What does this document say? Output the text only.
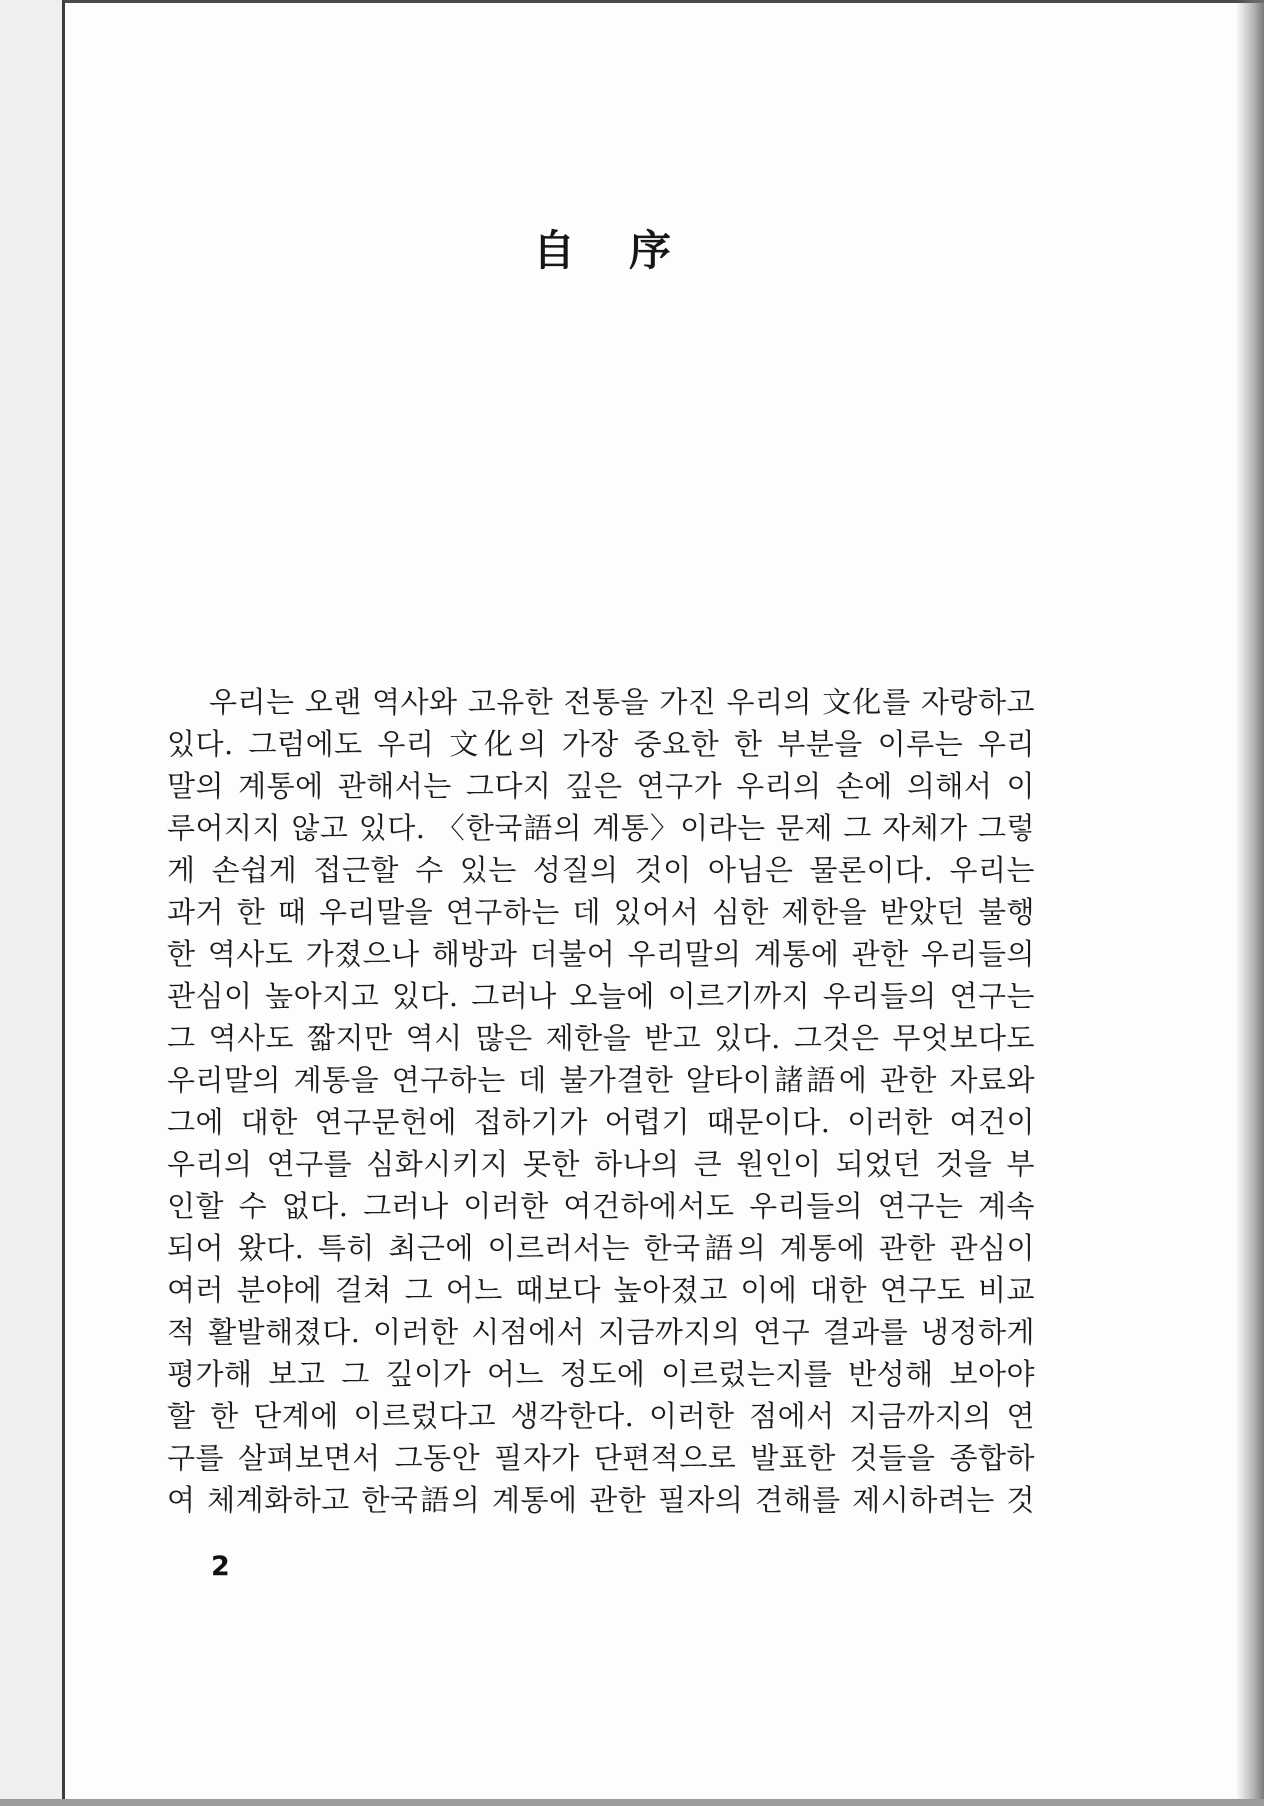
自　序
우리는 오랜 역사와 고유한 전통을 가진 우리의 文化를 자랑하고
있다. 그럼에도 우리 文化의 가장 중요한 한 부분을 이루는 우리
말의 계통에 관해서는 그다지 깊은 연구가 우리의 손에 의해서 이
루어지지 않고 있다. 〈한국語의 계통〉이라는 문제 그 자체가 그렇
게 손쉽게 접근할 수 있는 성질의 것이 아님은 물론이다. 우리는
과거 한 때 우리말을 연구하는 데 있어서 심한 제한을 받았던 불행
한 역사도 가졌으나 해방과 더불어 우리말의 계통에 관한 우리들의
관심이 높아지고 있다. 그러나 오늘에 이르기까지 우리들의 연구는
그 역사도 짧지만 역시 많은 제한을 받고 있다. 그것은 무엇보다도
우리말의 계통을 연구하는 데 불가결한 알타이諸語에 관한 자료와
그에 대한 연구문헌에 접하기가 어렵기 때문이다. 이러한 여건이
우리의 연구를 심화시키지 못한 하나의 큰 원인이 되었던 것을 부
인할 수 없다. 그러나 이러한 여건하에서도 우리들의 연구는 계속
되어 왔다. 특히 최근에 이르러서는 한국語의 계통에 관한 관심이
여러 분야에 걸쳐 그 어느 때보다 높아졌고 이에 대한 연구도 비교
적 활발해졌다. 이러한 시점에서 지금까지의 연구 결과를 냉정하게
평가해 보고 그 깊이가 어느 정도에 이르렀는지를 반성해 보아야
할 한 단계에 이르렀다고 생각한다. 이러한 점에서 지금까지의 연
구를 살펴보면서 그동안 필자가 단편적으로 발표한 것들을 종합하
여 체계화하고 한국語의 계통에 관한 필자의 견해를 제시하려는 것
2
